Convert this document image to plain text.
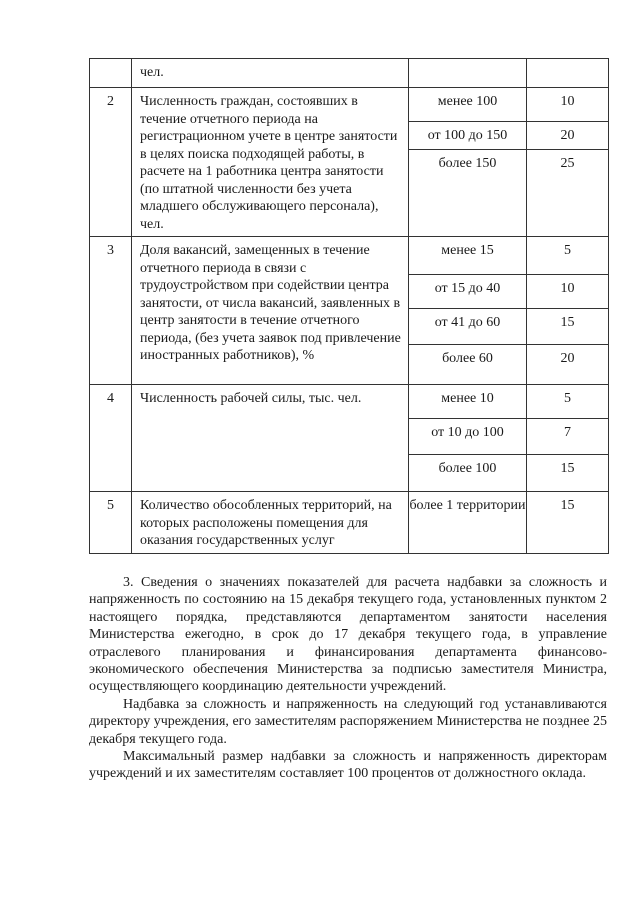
	чел.		
2	Численность граждан, состоявших в течение отчетного периода на регистрационном учете в центре занятости в целях поиска подходящей работы, в расчете на 1 работника центра занятости (по штатной численности без учета младшего обслуживающего персонала), чел.	менее 100	10
		от 100 до 150	20
		более 150	25
3	Доля вакансий, замещенных в течение отчетного периода в связи с трудоустройством при содействии центра занятости, от числа вакансий, заявленных в центр занятости в течение отчетного периода, (без учета заявок под привлечение иностранных работников), %	менее 15	5
		от 15 до 40	10
		от 41 до 60	15
		более 60	20
4	Численность рабочей силы, тыс. чел.	менее 10	5
		от 10 до 100	7
		более 100	15
5	Количество обособленных территорий, на которых расположены помещения для оказания государственных услуг	более 1 территории	15

3. Сведения о значениях показателей для расчета надбавки за сложность и напряженность по состоянию на 15 декабря текущего года, установленных пунктом 2 настоящего порядка, представляются департаментом занятости населения Министерства ежегодно, в срок до 17 декабря текущего года, в управление отраслевого планирования и финансирования департамента финансово-экономического обеспечения Министерства за подписью заместителя Министра, осуществляющего координацию деятельности учреждений.

Надбавка за сложность и напряженность на следующий год устанавливаются директору учреждения, его заместителям распоряжением Министерства не позднее 25 декабря текущего года.

Максимальный размер надбавки за сложность и напряженность директорам учреждений и их заместителям составляет 100 процентов от должностного оклада.
